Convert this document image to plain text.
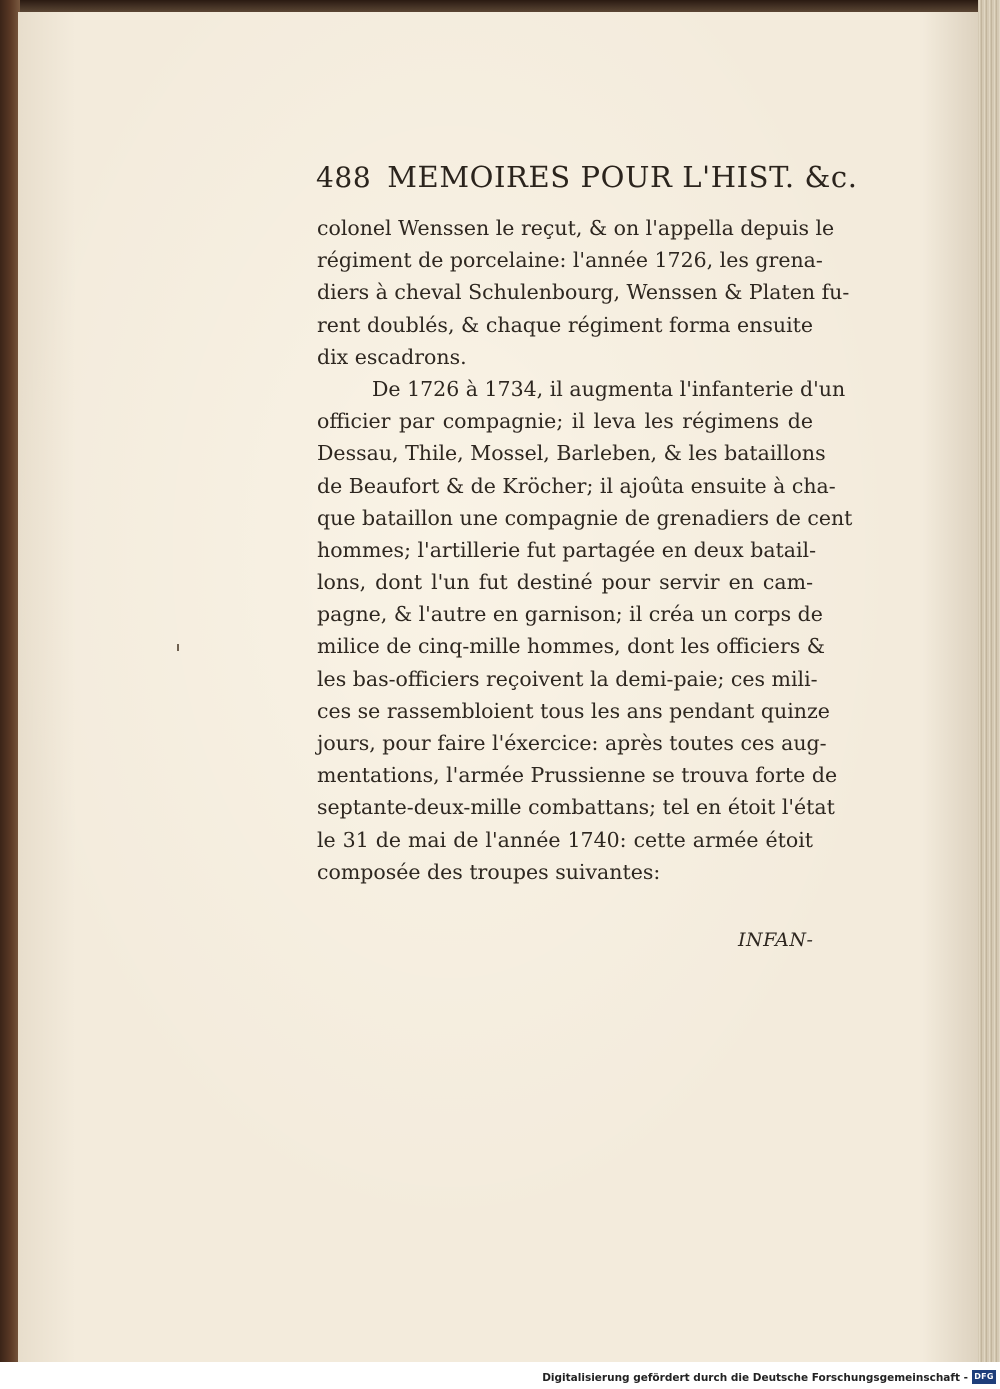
488 MEMOIRES POUR L'HIST. &c.
colonel Wenssen le reçut, & on l'appella depuis le
régiment de porcelaine: l'année 1726, les grena-
diers à cheval Schulenbourg, Wenssen & Platen fu-
rent doublés, & chaque régiment forma ensuite
dix escadrons.
De 1726 à 1734, il augmenta l'infanterie d'un
officier par compagnie; il leva les régimens de
Dessau, Thile, Mossel, Barleben, & les bataillons
de Beaufort & de Kröcher; il ajoûta ensuite à cha-
que bataillon une compagnie de grenadiers de cent
hommes; l'artillerie fut partagée en deux batail-
lons, dont l'un fut destiné pour servir en cam-
pagne, & l'autre en garnison; il créa un corps de
milice de cinq-mille hommes, dont les officiers &
les bas-officiers reçoivent la demi-paie; ces mili-
ces se rassembloient tous les ans pendant quinze
jours, pour faire l'éxercice: après toutes ces aug-
mentations, l'armée Prussienne se trouva forte de
septante-deux-mille combattans; tel en étoit l'état
le 31 de mai de l'année 1740: cette armée étoit
composée des troupes suivantes:
INFAN-
Digitalisierung gefördert durch die Deutsche Forschungsgemeinschaft - DFG
